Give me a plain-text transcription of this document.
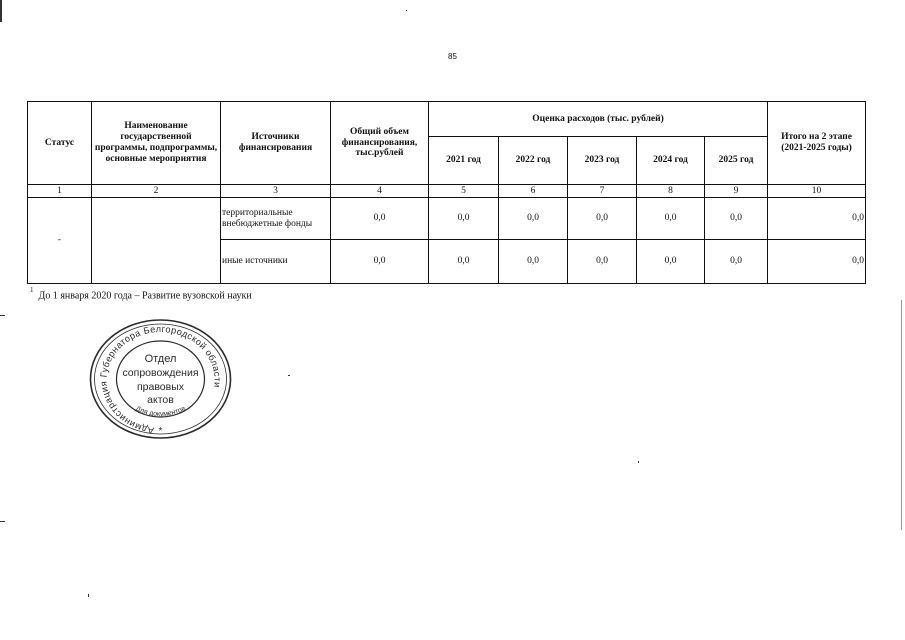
85
Статус	Наименование государственной программы, подпрограммы, основные мероприятия	Источники финансирования	Общий объем финансирования, тыс.рублей	Оценка расходов (тыс. рублей)					Итого на 2 этапе (2021-2025 годы)
				2021 год	2022 год	2023 год	2024 год	2025 год	
1	2	3	4	5	6	7	8	9	10
-		территориальные внебюджетные фонды	0,0	0,0	0,0	0,0	0,0	0,0	0,0
		иные источники	0,0	0,0	0,0	0,0	0,0	0,0	0,0
$^1$До 1 января 2020 года – Развитие вузовской науки
Администрация Губернатора Белгородской области
Отдел
сопровождения
правовых
актов
Для документов
*
